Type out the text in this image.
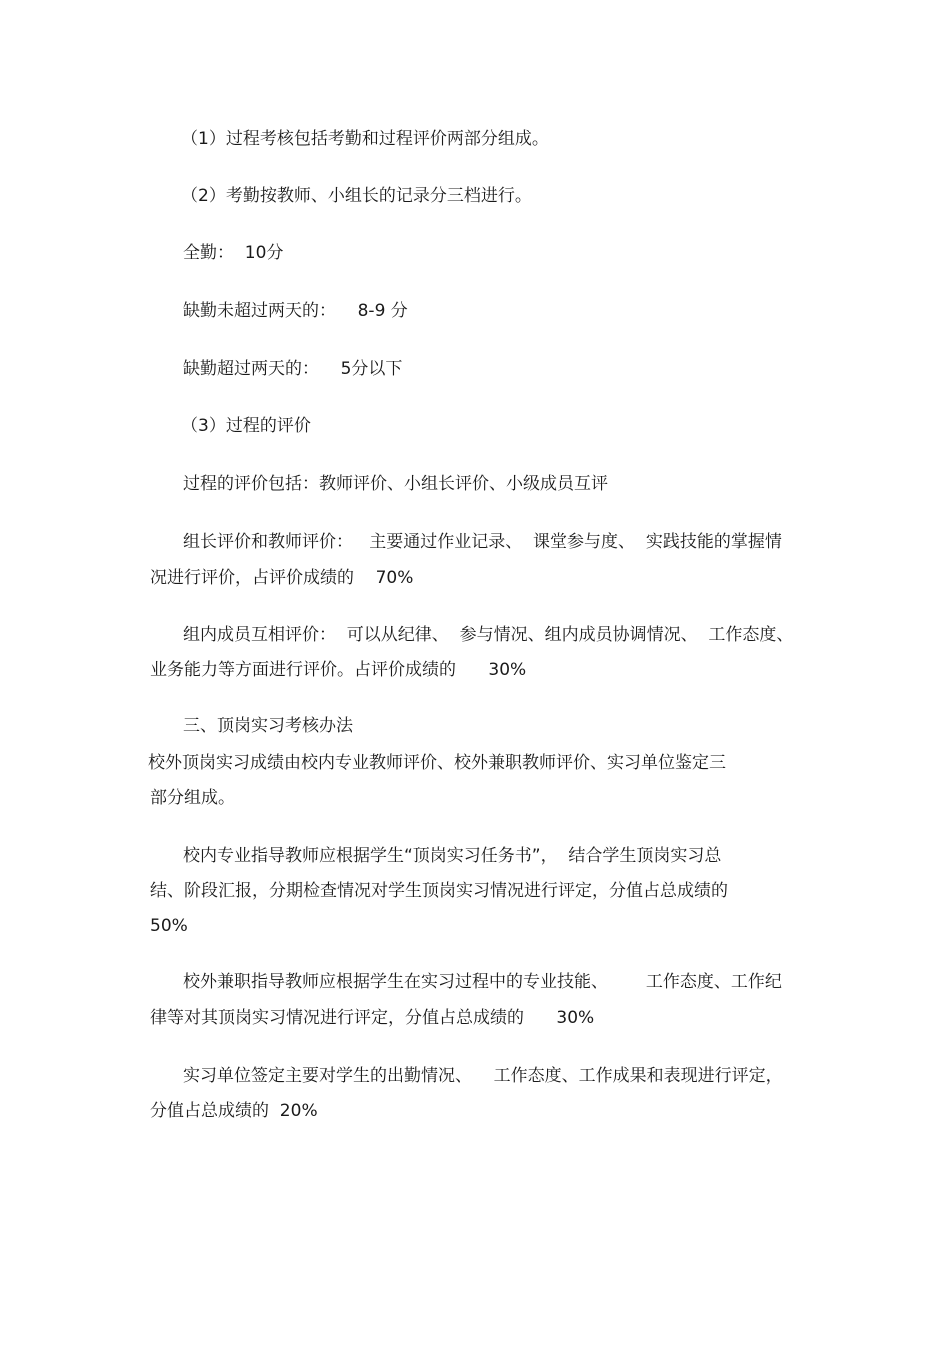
（1）过程考核包括考勤和过程评价两部分组成。
（2）考勤按教师、小组长的记录分三档进行。
全勤：  10分
缺勤未超过两天的：    8-9 分
缺勤超过两天的：    5分以下
（3）过程的评价
过程的评价包括：教师评价、小组长评价、小级成员互评
组长评价和教师评价：   主要通过作业记录、  课堂参与度、  实践技能的掌握情
况进行评价，占评价成绩的    70%
组内成员互相评价：  可以从纪律、  参与情况、组内成员协调情况、  工作态度、
业务能力等方面进行评价。占评价成绩的      30%
三、顶岗实习考核办法
校外顶岗实习成绩由校内专业教师评价、校外兼职教师评价、实习单位鉴定三
部分组成。
校内专业指导教师应根据学生“顶岗实习任务书”，  结合学生顶岗实习总
结、阶段汇报，分期检查情况对学生顶岗实习情况进行评定，分值占总成绩的
50%
校外兼职指导教师应根据学生在实习过程中的专业技能、       工作态度、工作纪
律等对其顶岗实习情况进行评定，分值占总成绩的      30%
实习单位签定主要对学生的出勤情况、    工作态度、工作成果和表现进行评定，
分值占总成绩的  20%
